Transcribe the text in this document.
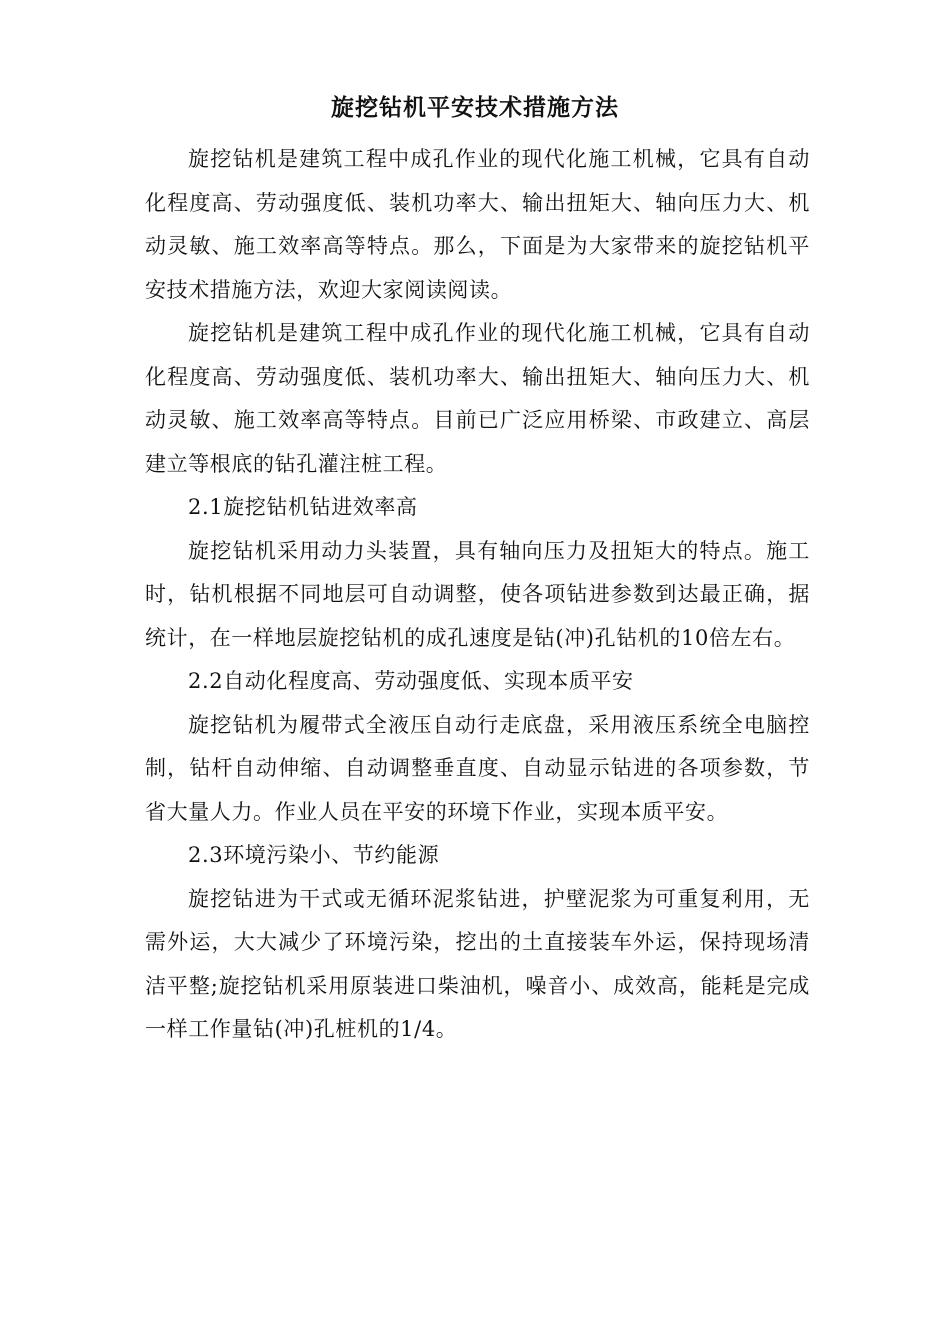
旋挖钻机平安技术措施方法

旋挖钻机是建筑工程中成孔作业的现代化施工机械，它具有自动化程度高、劳动强度低、装机功率大、输出扭矩大、轴向压力大、机动灵敏、施工效率高等特点。那么，下面是为大家带来的旋挖钻机平安技术措施方法，欢迎大家阅读阅读。

旋挖钻机是建筑工程中成孔作业的现代化施工机械，它具有自动化程度高、劳动强度低、装机功率大、输出扭矩大、轴向压力大、机动灵敏、施工效率高等特点。目前已广泛应用桥梁、市政建立、高层建立等根底的钻孔灌注桩工程。

2.1旋挖钻机钻进效率高

旋挖钻机采用动力头装置，具有轴向压力及扭矩大的特点。施工时，钻机根据不同地层可自动调整，使各项钻进参数到达最正确，据统计，在一样地层旋挖钻机的成孔速度是钻(冲)孔钻机的10倍左右。

2.2自动化程度高、劳动强度低、实现本质平安

旋挖钻机为履带式全液压自动行走底盘，采用液压系统全电脑控制，钻杆自动伸缩、自动调整垂直度、自动显示钻进的各项参数，节省大量人力。作业人员在平安的环境下作业，实现本质平安。

2.3环境污染小、节约能源

旋挖钻进为干式或无循环泥浆钻进，护壁泥浆为可重复利用，无需外运，大大减少了环境污染，挖出的土直接装车外运，保持现场清洁平整;旋挖钻机采用原装进口柴油机，噪音小、成效高，能耗是完成一样工作量钻(冲)孔桩机的1/4。
